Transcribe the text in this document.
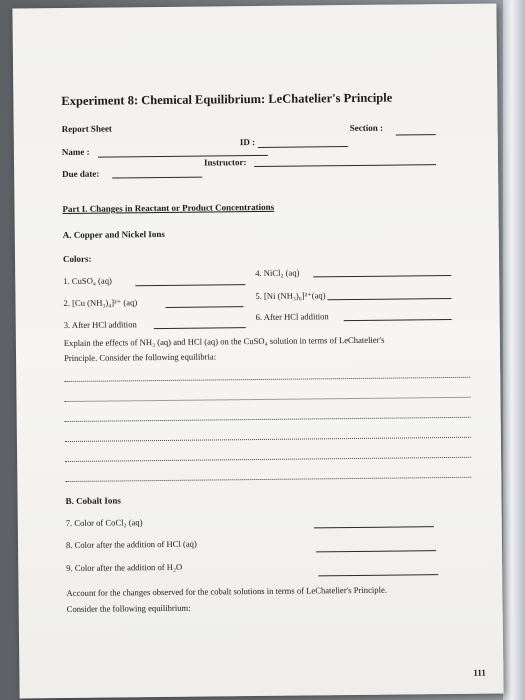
Experiment 8: Chemical Equilibrium: LeChatelier's Principle
Report Sheet	Section :
ID :
Name :
Instructor:
Due date:
Part I. Changes in Reactant or Product Concentrations
A. Copper and Nickel Ions
Colors:
1. CuSO₄ (aq)
4. NiCl₂ (aq)
2. [Cu (NH₃)₄]²⁺ (aq)
5. [Ni (NH₃)₆]²⁺(aq)
3. After HCl addition
6. After HCl addition
Explain the effects of NH₃ (aq) and HCl (aq) on the CuSO₄ solution in terms of LeChatelier's
Principle. Consider the following equilibria:
B. Cobalt Ions
7. Color of CoCl₂ (aq)
8. Color after the addition of HCl (aq)
9. Color after the addition of H₂O
Account for the changes observed for the cobalt solutions in terms of LeChatelier's Principle.
Consider the following equilibrium:
111
